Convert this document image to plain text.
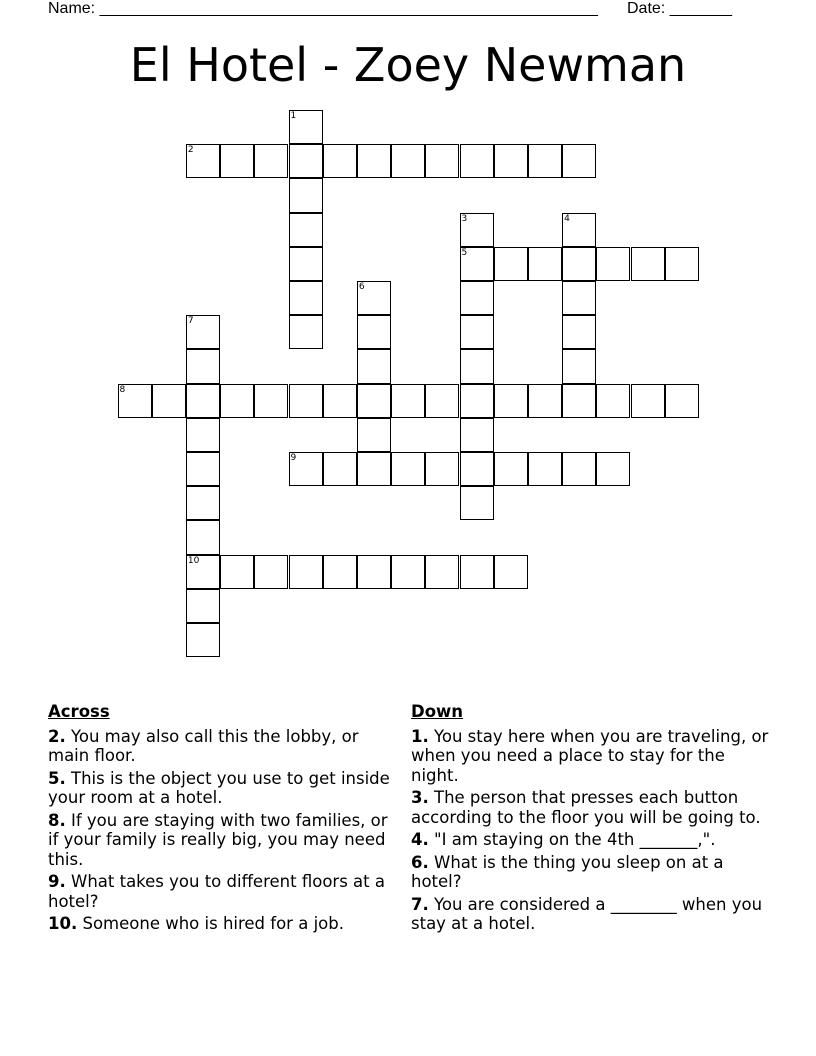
Name: ________________________________________________________ Date: _______
El Hotel - Zoey Newman
1
2
3
5
4
6
7
10
8
9
Across
2. You may also call this the lobby, or main floor.
5. This is the object you use to get inside your room at a hotel.
8. If you are staying with two families, or if your family is really big, you may need this.
9. What takes you to different floors at a hotel?
10. Someone who is hired for a job.
Down
1. You stay here when you are traveling, or when you need a place to stay for the night.
3. The person that presses each button according to the floor you will be going to.
4. "I am staying on the 4th _______,".
6. What is the thing you sleep on at a hotel?
7. You are considered a ________ when you stay at a hotel.
